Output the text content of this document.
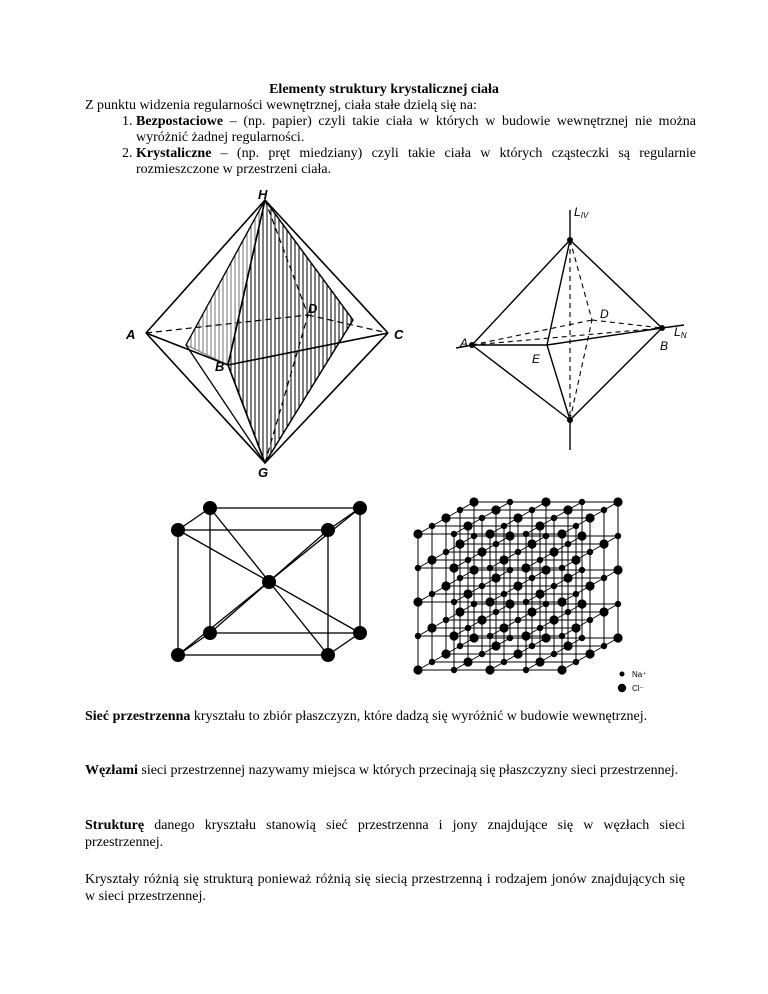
Elementy struktury krystalicznej ciała
Z punktu widzenia regularności wewnętrznej, ciała stałe dzielą się na:
1. Bezpostaciowe – (np. papier) czyli takie ciała w których w budowie wewnętrznej nie można wyróżnić żadnej regularności.
2. Krystaliczne – (np. pręt miedziany) czyli takie ciała w których cząsteczki są regularnie rozmieszczone w przestrzeni ciała.
H
A	C
B
D
G
LIV
LN
A	B
E
D
Na⁺
Cl⁻
Sieć przestrzenna kryształu to zbiór płaszczyzn, które dadzą się wyróżnić w budowie wewnętrznej.
Węzłami sieci przestrzennej nazywamy miejsca w których przecinają się płaszczyzny sieci przestrzennej.
Strukturę danego kryształu stanowią sieć przestrzenna i jony znajdujące się w węzłach sieci przestrzennej.
Kryształy różnią się strukturą ponieważ różnią się siecią przestrzenną i rodzajem jonów znajdujących się w sieci przestrzennej.
